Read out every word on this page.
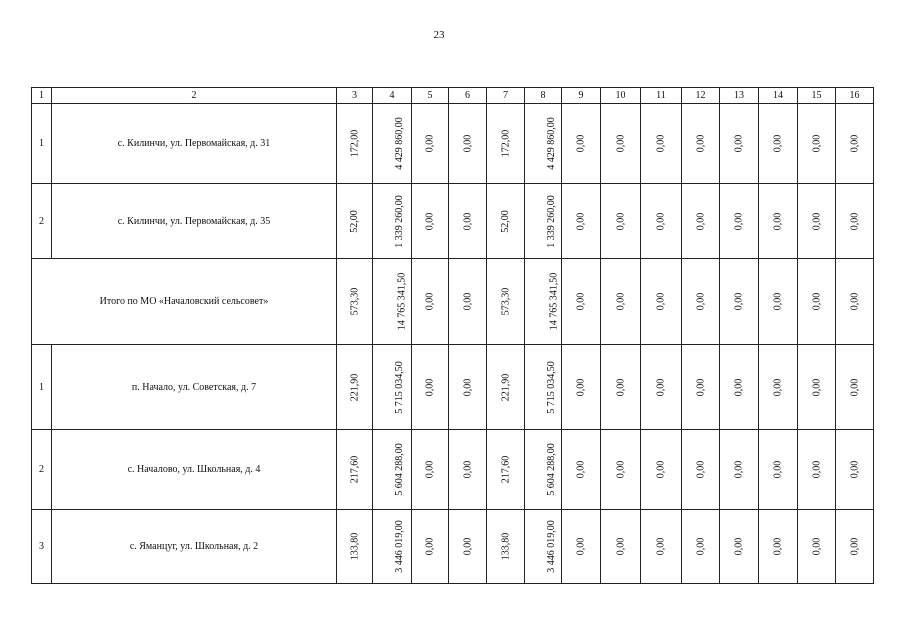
23
1	2	3	4	5	6	7	8	9	10	11	12	13	14	15	16
1	с. Килинчи, ул. Первомайская, д. 31	172,00	4 429 860,00	0,00	0,00	172,00	4 429 860,00	0,00	0,00	0,00	0,00	0,00	0,00	0,00	0,00
2	с. Килинчи, ул. Первомайская, д. 35	52,00	1 339 260,00	0,00	0,00	52,00	1 339 260,00	0,00	0,00	0,00	0,00	0,00	0,00	0,00	0,00
Итого по МО «Началовский сельсовет»		573,30	14 765 341,50	0,00	0,00	573,30	14 765 341,50	0,00	0,00	0,00	0,00	0,00	0,00	0,00	0,00
1	п. Начало, ул. Советская, д. 7	221,90	5 715 034,50	0,00	0,00	221,90	5 715 034,50	0,00	0,00	0,00	0,00	0,00	0,00	0,00	0,00
2	с. Началово, ул. Школьная, д. 4	217,60	5 604 288,00	0,00	0,00	217,60	5 604 288,00	0,00	0,00	0,00	0,00	0,00	0,00	0,00	0,00
3	с. Яманцуг, ул. Школьная, д. 2	133,80	3 446 019,00	0,00	0,00	133,80	3 446 019,00	0,00	0,00	0,00	0,00	0,00	0,00	0,00	0,00
